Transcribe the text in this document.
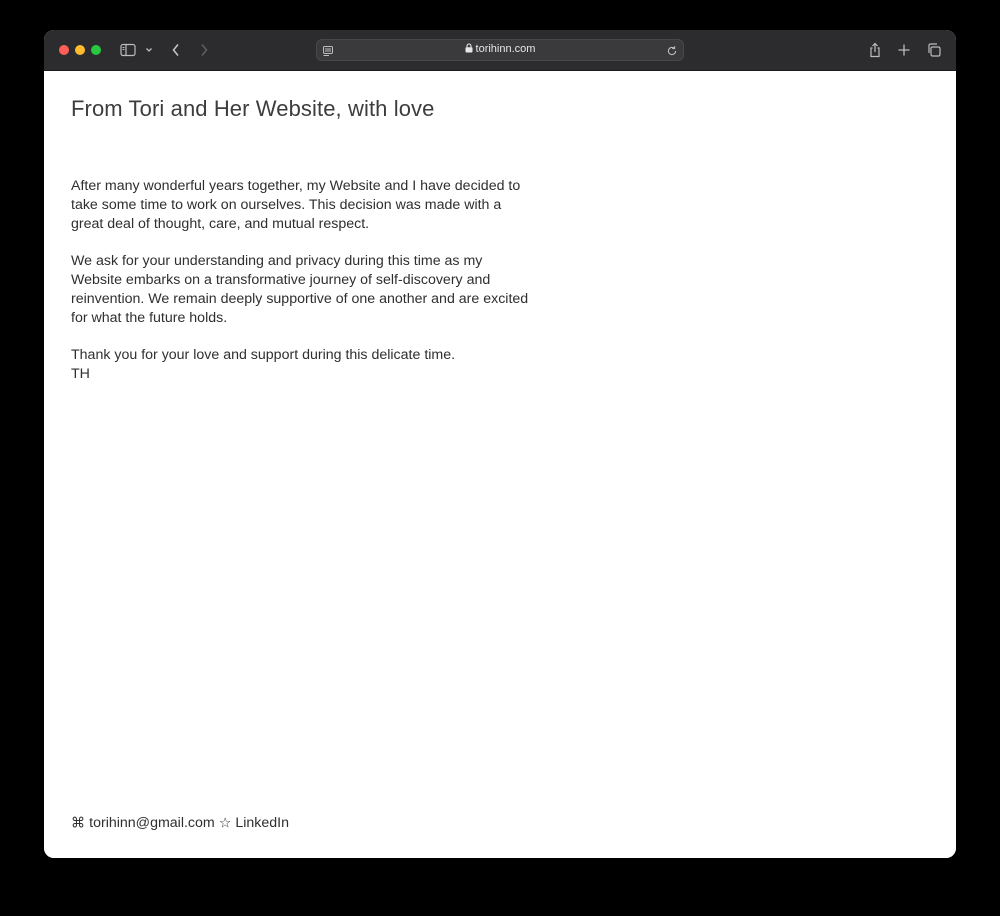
torihinn.com
From Tori and Her Website, with love

After many wonderful years together, my Website and I have decided to take some time to work on ourselves. This decision was made with a great deal of thought, care, and mutual respect.

We ask for your understanding and privacy during this time as my Website embarks on a transformative journey of self-discovery and reinvention. We remain deeply supportive of one another and are excited for what the future holds.

Thank you for your love and support during this delicate time.

TH

⌘ torihinn@gmail.com ☆ LinkedIn
